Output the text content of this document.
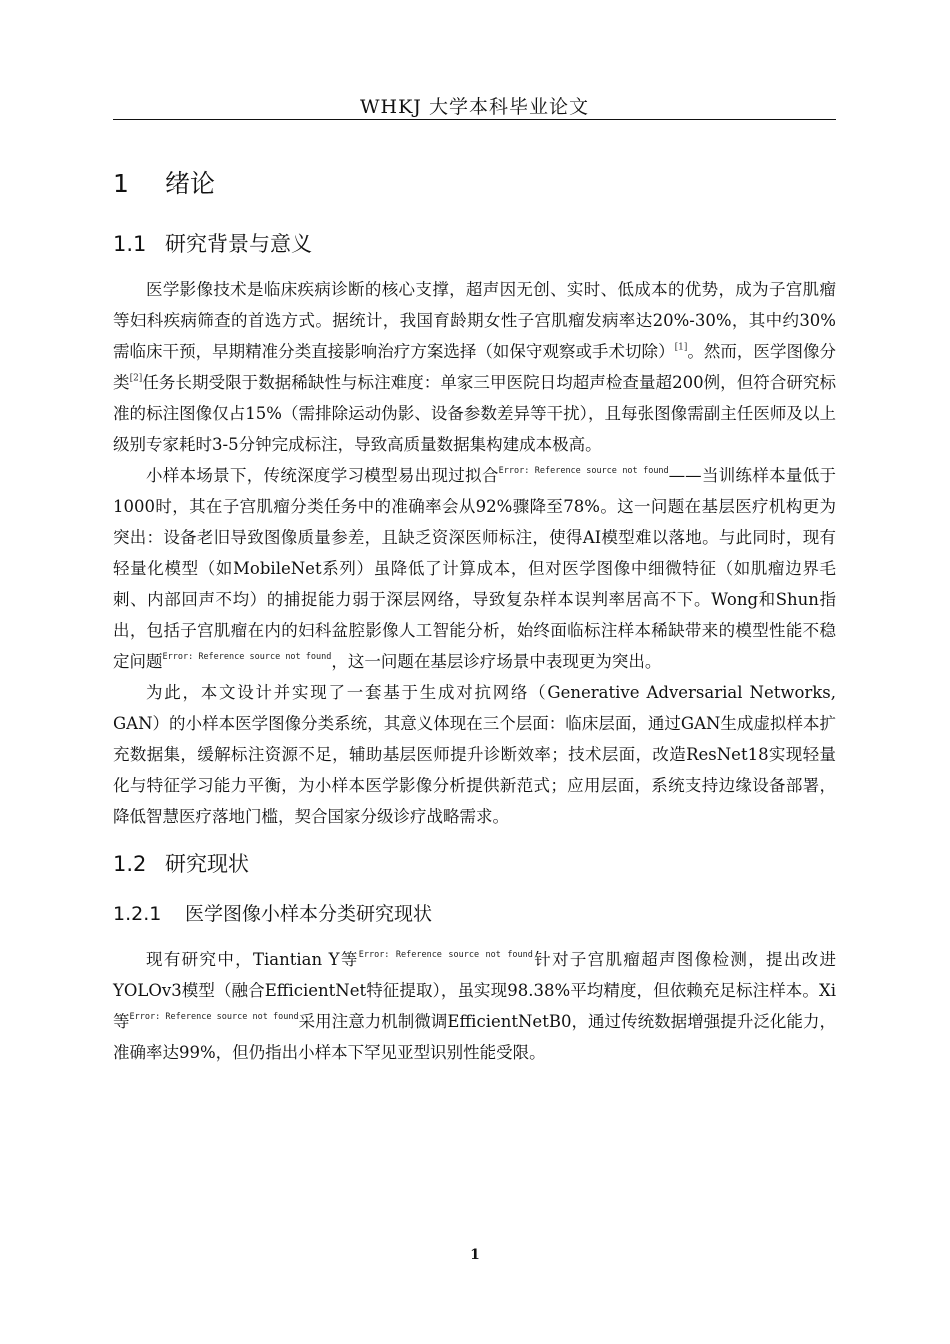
WHKJ 大学本科毕业论文
1 绪论
1.1 研究背景与意义

医学影像技术是临床疾病诊断的核心支撑，超声因无创、实时、低成本的优势，成为子宫肌瘤等妇科疾病筛查的首选方式。据统计，我国育龄期女性子宫肌瘤发病率达20%-30%，其中约30%需临床干预，早期精准分类直接影响治疗方案选择（如保守观察或手术切除）[1]。然而，医学图像分类[2]任务长期受限于数据稀缺性与标注难度：单家三甲医院日均超声检查量超200例，但符合研究标准的标注图像仅占15%（需排除运动伪影、设备参数差异等干扰），且每张图像需副主任医师及以上级别专家耗时3-5分钟完成标注，导致高质量数据集构建成本极高。

小样本场景下，传统深度学习模型易出现过拟合$^{Error: Reference source not found}$——当训练样本量低于1000时，其在子宫肌瘤分类任务中的准确率会从92%骤降至78%。这一问题在基层医疗机构更为突出：设备老旧导致图像质量参差，且缺乏资深医师标注，使得AI模型难以落地。与此同时，现有轻量化模型（如MobileNet系列）虽降低了计算成本，但对医学图像中细微特征（如肌瘤边界毛刺、内部回声不均）的捕捉能力弱于深层网络，导致复杂样本误判率居高不下。Wong和Shun指出，包括子宫肌瘤在内的妇科盆腔影像人工智能分析，始终面临标注样本稀缺带来的模型性能不稳定问题$^{Error: Reference source not found}$，这一问题在基层诊疗场景中表现更为突出。

为此，本文设计并实现了一套基于生成对抗网络（Generative Adversarial Networks, GAN）的小样本医学图像分类系统，其意义体现在三个层面：临床层面，通过GAN生成虚拟样本扩充数据集，缓解标注资源不足，辅助基层医师提升诊断效率；技术层面，改造ResNet18实现轻量化与特征学习能力平衡，为小样本医学影像分析提供新范式；应用层面，系统支持边缘设备部署，降低智慧医疗落地门槛，契合国家分级诊疗战略需求。

1.2 研究现状
1.2.1 医学图像小样本分类研究现状

现有研究中，Tiantian Y等$^{Error: Reference source not found}$针对子宫肌瘤超声图像检测，提出改进YOLOv3模型（融合EfficientNet特征提取），虽实现98.38%平均精度，但依赖充足标注样本。Xi等$^{Error: Reference source not found}$采用注意力机制微调EfficientNetB0，通过传统数据增强提升泛化能力，准确率达99%，但仍指出小样本下罕见亚型识别性能受限。

1
